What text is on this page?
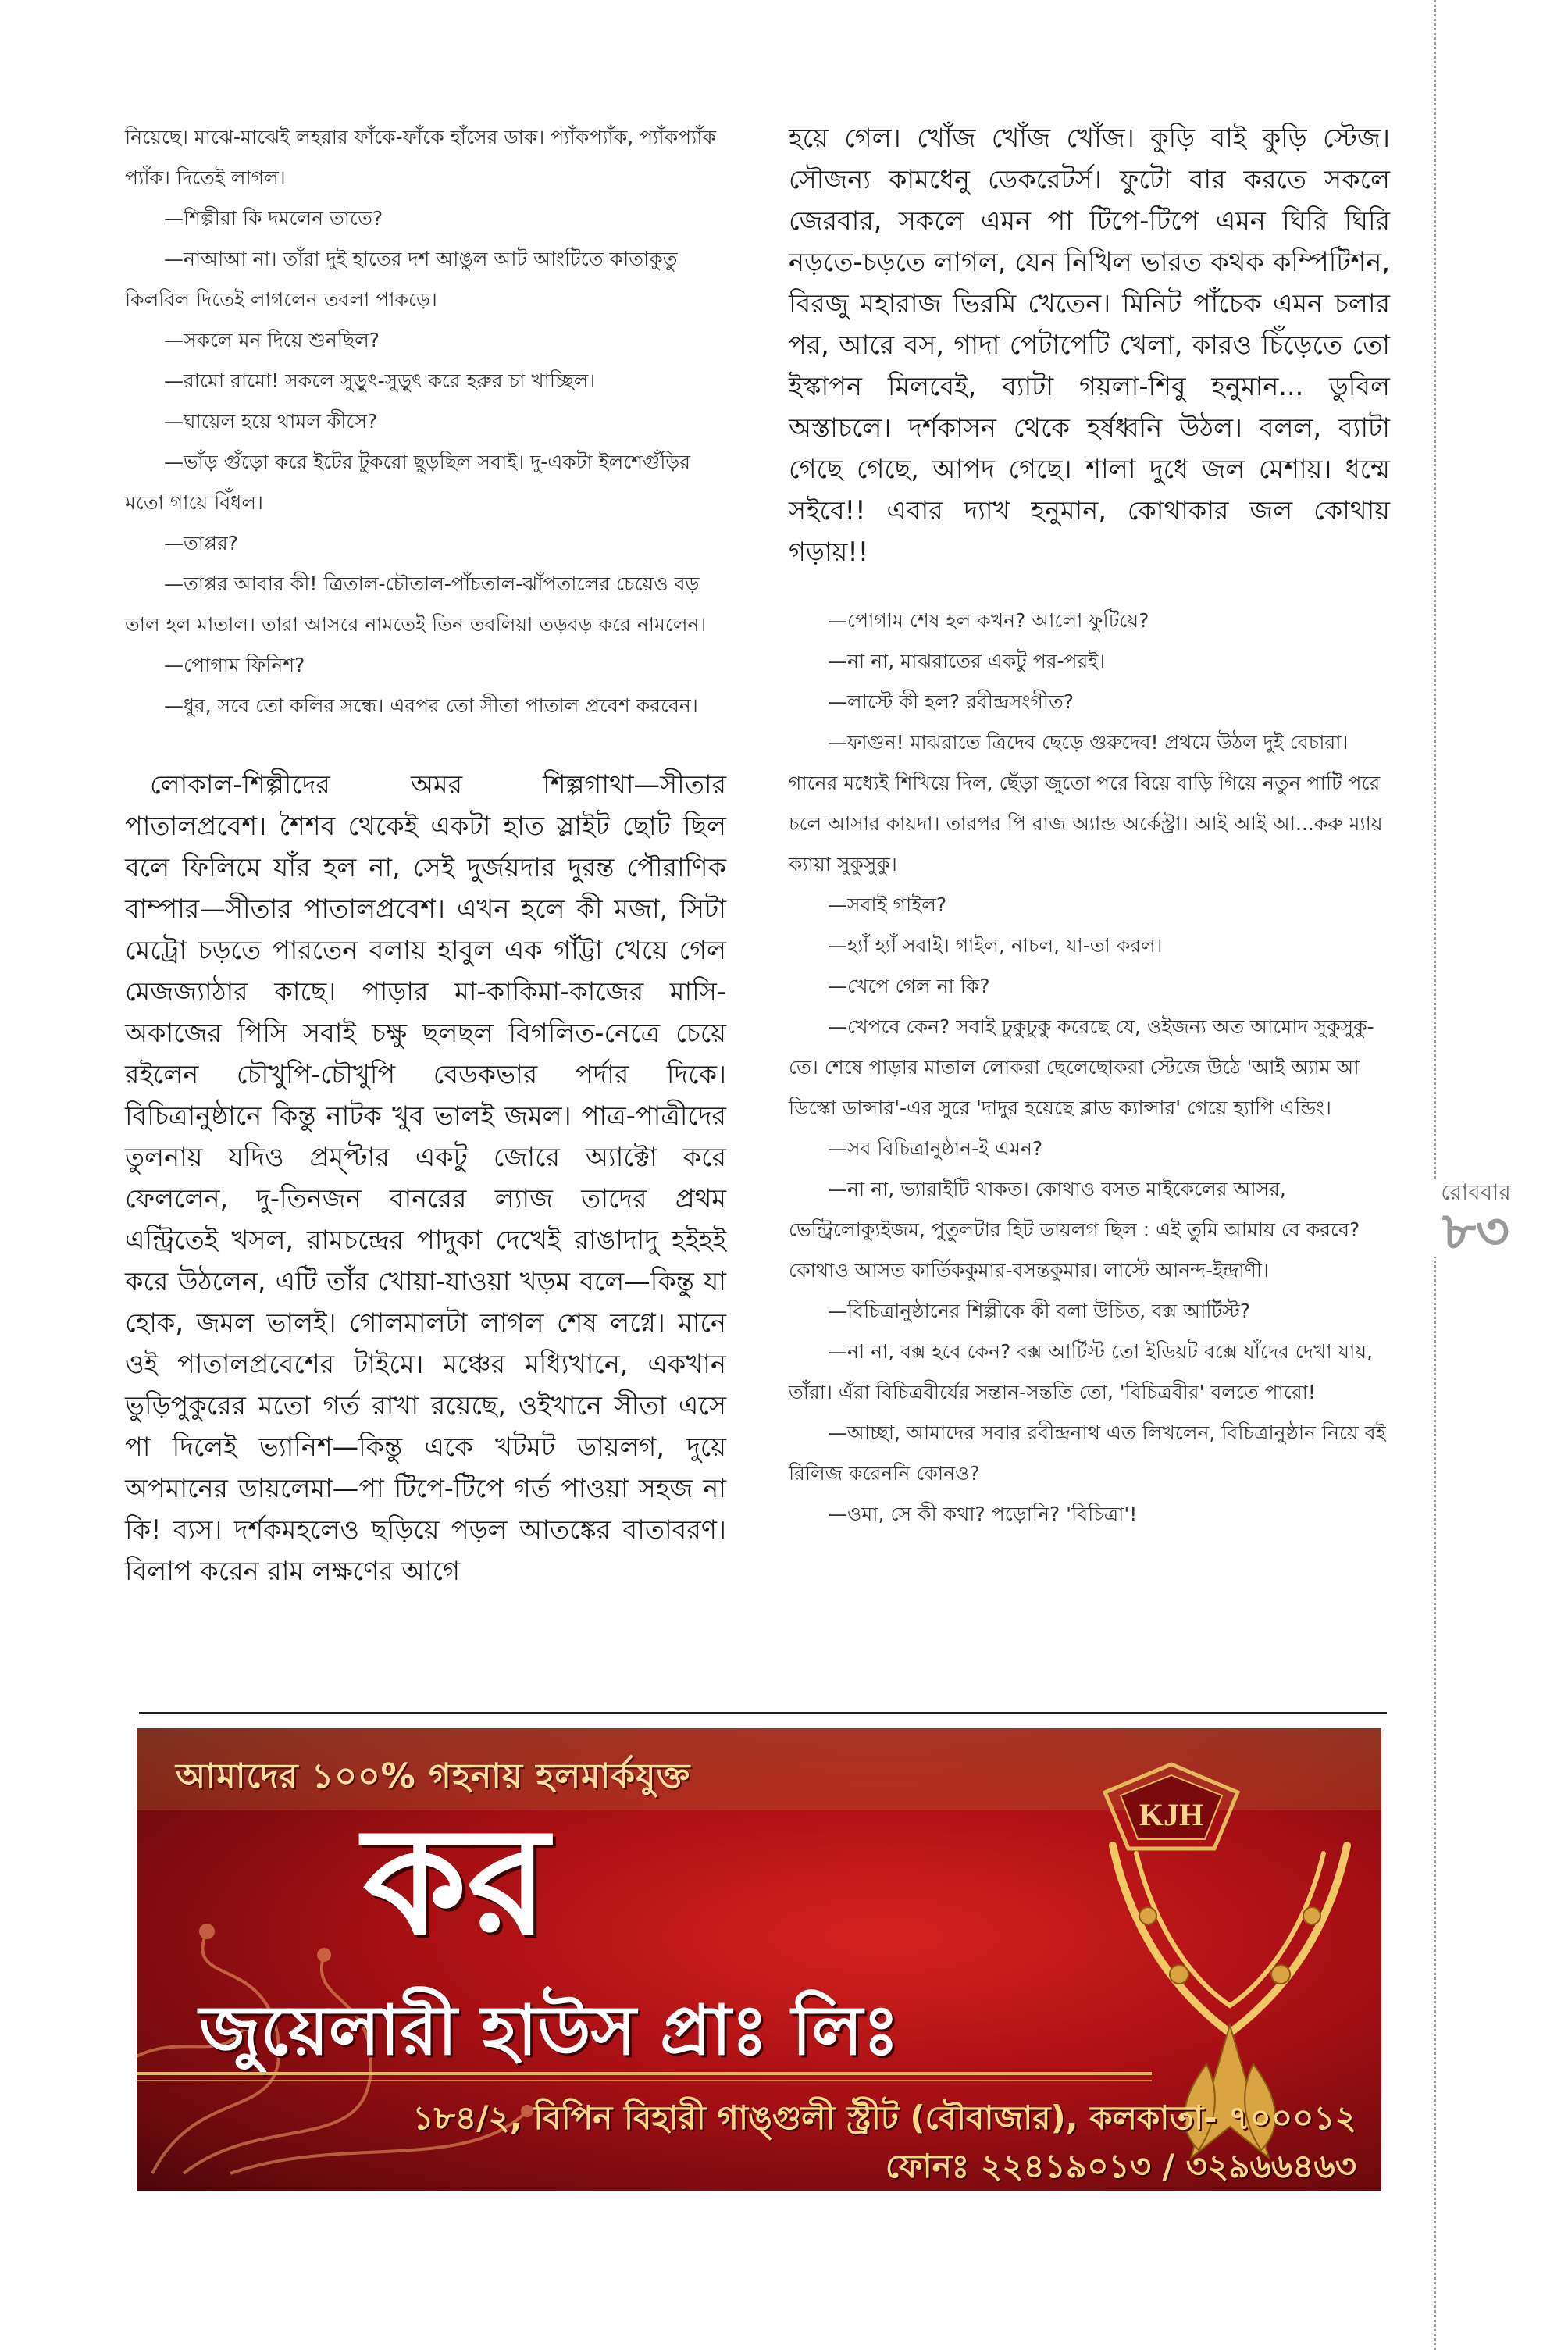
নিয়েছে। মাঝে-মাঝেই লহরার ফাঁকে-ফাঁকে হাঁসের ডাক। প্যাঁকপ্যাঁক, প্যাঁকপ্যাঁক প্যাঁক। দিতেই লাগল।

—শিল্পীরা কি দমলেন তাতে?

—নাআআ না। তাঁরা দুই হাতের দশ আঙুল আট আংটিতে কাতাকুতু কিলবিল দিতেই লাগলেন তবলা পাকড়ে।

—সকলে মন দিয়ে শুনছিল?

—রামো রামো! সকলে সুড়ুৎ-সুড়ুৎ করে হরুর চা খাচ্ছিল।

—ঘায়েল হয়ে থামল কীসে?

—ভাঁড় গুঁড়ো করে ইটের টুকরো ছুড়ছিল সবাই। দু-একটা ইলশেগুঁড়ির মতো গায়ে বিঁধল।

—তাপ্পর?

—তাপ্পর আবার কী! ত্রিতাল-চৌতাল-পাঁচতাল-ঝাঁপতালের চেয়েও বড় তাল হল মাতাল। তারা আসরে নামতেই তিন তবলিয়া তড়বড় করে নামলেন।

—পোগাম ফিনিশ?

—ধুর, সবে তো কলির সন্ধে। এরপর তো সীতা পাতাল প্রবেশ করবেন।

লোকাল-শিল্পীদের অমর শিল্পগাথা—সীতার পাতালপ্রবেশ। শৈশব থেকেই একটা হাত স্লাইট ছোট ছিল বলে ফিলিমে যাঁর হল না, সেই দুর্জয়দার দুরন্ত পৌরাণিক বাম্পার—সীতার পাতালপ্রবেশ। এখন হলে কী মজা, সিটা মেট্রো চড়তে পারতেন বলায় হাবুল এক গাঁট্টা খেয়ে গেল মেজজ্যাঠার কাছে। পাড়ার মা-কাকিমা-কাজের মাসি-অকাজের পিসি সবাই চক্ষু ছলছল বিগলিত-নেত্রে চেয়ে রইলেন চৌখুপি-চৌখুপি বেডকভার পর্দার দিকে। বিচিত্রানুষ্ঠানে কিন্তু নাটক খুব ভালই জমল। পাত্র-পাত্রীদের তুলনায় যদিও প্রম্প্টার একটু জোরে অ্যাক্টো করে ফেললেন, দু-তিনজন বানরের ল্যাজ তাদের প্রথম এন্ট্রিতেই খসল, রামচন্দ্রের পাদুকা দেখেই রাঙাদাদু হইহই করে উঠলেন, এটি তাঁর খোয়া-যাওয়া খড়ম বলে—কিন্তু যা হোক, জমল ভালই। গোলমালটা লাগল শেষ লগ্নে। মানে ওই পাতালপ্রবেশের টাইমে। মঞ্চের মধ্যিখানে, একখান ভুড়িপুকুরের মতো গর্ত রাখা রয়েছে, ওইখানে সীতা এসে পা দিলেই ভ্যানিশ—কিন্তু একে খটমট ডায়লগ, দুয়ে অপমানের ডায়লেমা—পা টিপে-টিপে গর্ত পাওয়া সহজ না কি! ব্যস। দর্শকমহলেও ছড়িয়ে পড়ল আতঙ্কের বাতাবরণ। বিলাপ করেন রাম লক্ষণের আগে

হয়ে গেল। খোঁজ খোঁজ খোঁজ। কুড়ি বাই কুড়ি স্টেজ। সৌজন্য কামধেনু ডেকরেটর্স। ফুটো বার করতে সকলে জেরবার, সকলে এমন পা টিপে-টিপে এমন ঘিরি ঘিরি নড়তে-চড়তে লাগল, যেন নিখিল ভারত কথক কম্পিটিশন, বিরজু মহারাজ ভিরমি খেতেন। মিনিট পাঁচেক এমন চলার পর, আরে বস, গাদা পেটাপেটি খেলা, কারও চিঁড়েতে তো ইস্কাপন মিলবেই, ব্যাটা গয়লা-শিবু হনুমান... ডুবিল অস্তাচলে। দর্শকাসন থেকে হর্ষধ্বনি উঠল। বলল, ব্যাটা গেছে গেছে, আপদ গেছে। শালা দুধে জল মেশায়। ধম্মে সইবে!! এবার দ্যাখ হনুমান, কোথাকার জল কোথায় গড়ায়!!

—পোগাম শেষ হল কখন? আলো ফুটিয়ে?

—না না, মাঝরাতের একটু পর-পরই।

—লাস্টে কী হল? রবীন্দ্রসংগীত?

—ফাগুন! মাঝরাতে ত্রিদেব ছেড়ে গুরুদেব! প্রথমে উঠল দুই বেচারা। গানের মধ্যেই শিখিয়ে দিল, ছেঁড়া জুতো পরে বিয়ে বাড়ি গিয়ে নতুন পাটি পরে চলে আসার কায়দা। তারপর পি রাজ অ্যান্ড অর্কেস্ট্রা। আই আই আ...করু ম্যায় ক্যায়া সুকুসুকু।

—সবাই গাইল?

—হ্যাঁ হ্যাঁ সবাই। গাইল, নাচল, যা-তা করল।

—খেপে গেল না কি?

—খেপবে কেন? সবাই ঢুকুঢুকু করেছে যে, ওইজন্য অত আমোদ সুকুসুকু-তে। শেষে পাড়ার মাতাল লোকরা ছেলেছোকরা স্টেজে উঠে 'আই অ্যাম আ ডিস্কো ডান্সার'-এর সুরে 'দাদুর হয়েছে ব্লাড ক্যান্সার' গেয়ে হ্যাপি এন্ডিং।

—সব বিচিত্রানুষ্ঠান-ই এমন?

—না না, ভ্যারাইটি থাকত। কোথাও বসত মাইকেলের আসর, ভেন্ট্রিলোক্যুইজম, পুতুলটার হিট ডায়লগ ছিল : এই তুমি আমায় বে করবে? কোথাও আসত কার্তিককুমার-বসন্তকুমার। লাস্টে আনন্দ-ইন্দ্রাণী।

—বিচিত্রানুষ্ঠানের শিল্পীকে কী বলা উচিত, বক্স আর্টিস্ট?

—না না, বক্স হবে কেন? বক্স আর্টিস্ট তো ইডিয়ট বক্সে যাঁদের দেখা যায়, তাঁরা। এঁরা বিচিত্রবীর্যের সন্তান-সন্ততি তো, 'বিচিত্রবীর' বলতে পারো!

—আচ্ছা, আমাদের সবার রবীন্দ্রনাথ এত লিখলেন, বিচিত্রানুষ্ঠান নিয়ে বই রিলিজ করেননি কোনও?

—ওমা, সে কী কথা? পড়োনি? 'বিচিত্রা'!

রোববার
৮৩
আমাদের ১০০% গহনায় হলমার্কযুক্ত
KJH
কর
জুয়েলারী হাউস প্রাঃ লিঃ
১৮৪/২, বিপিন বিহারী গাঙ্গুলী স্ট্রীট (বৌবাজার), কলকাতা- ৭০০০১২
ফোনঃ ২২৪১৯০১৩ / ৩২৯৬৬৪৬৩
